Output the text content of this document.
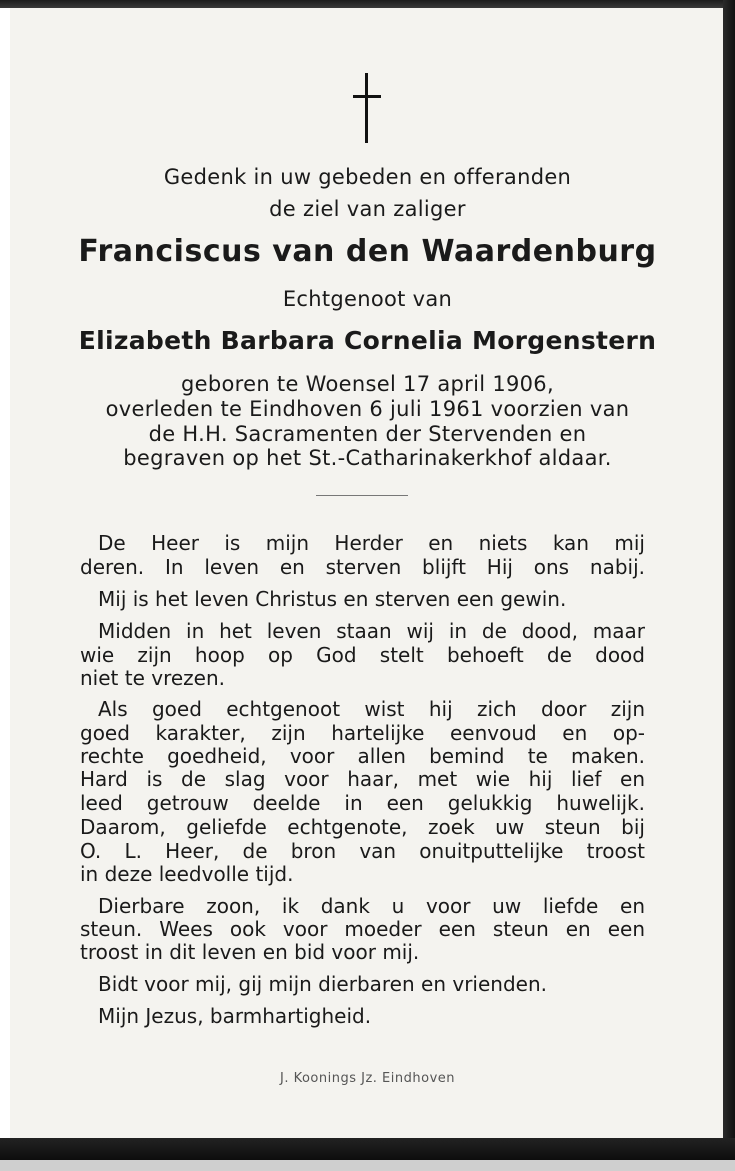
Gedenk in uw gebeden en offeranden
de ziel van zaliger
Franciscus van den Waardenburg
Echtgenoot van
Elizabeth Barbara Cornelia Morgenstern
geboren te Woensel 17 april 1906,
overleden te Eindhoven 6 juli 1961 voorzien van
de H.H. Sacramenten der Stervenden en
begraven op het St.-Catharinakerkhof aldaar.
De Heer is mijn Herder en niets kan mij
deren. In leven en sterven blijft Hij ons nabij.
Mij is het leven Christus en sterven een gewin.
Midden in het leven staan wij in de dood, maar
wie zijn hoop op God stelt behoeft de dood
niet te vrezen.
Als goed echtgenoot wist hij zich door zijn
goed karakter, zijn hartelijke eenvoud en op-
rechte goedheid, voor allen bemind te maken.
Hard is de slag voor haar, met wie hij lief en
leed getrouw deelde in een gelukkig huwelijk.
Daarom, geliefde echtgenote, zoek uw steun bij
O. L. Heer, de bron van onuitputtelijke troost
in deze leedvolle tijd.
Dierbare zoon, ik dank u voor uw liefde en
steun. Wees ook voor moeder een steun en een
troost in dit leven en bid voor mij.
Bidt voor mij, gij mijn dierbaren en vrienden.
Mijn Jezus, barmhartigheid.
J. Koonings Jz. Eindhoven
